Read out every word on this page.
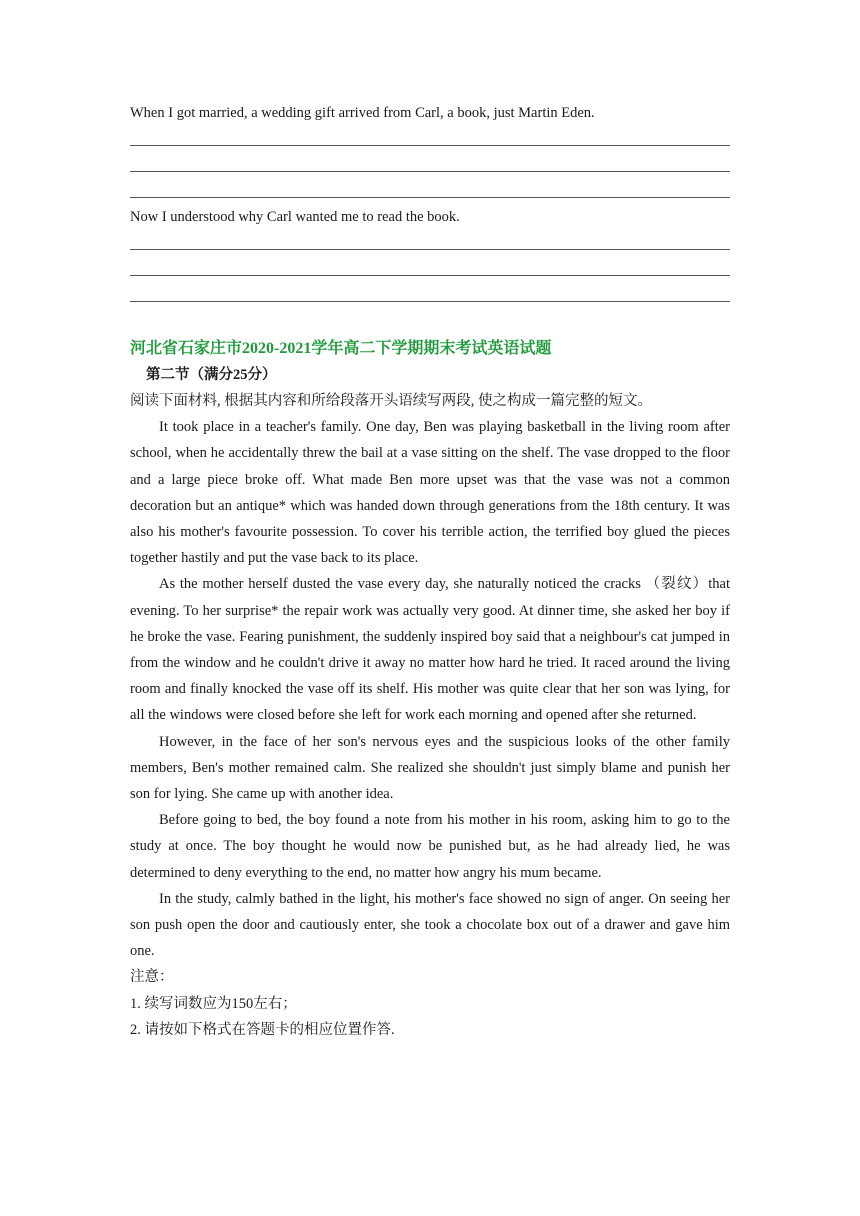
When I got married, a wedding gift arrived from Carl, a book, just Martin Eden.
Now I understood why Carl wanted me to read the book.
河北省石家庄市2020-2021学年高二下学期期末考试英语试题
第二节（满分25分）

阅读下面材料, 根据其内容和所给段落开头语续写两段, 使之构成一篇完整的短文。

It took place in a teacher's family. One day, Ben was playing basketball in the living room after school, when he accidentally threw the bail at a vase sitting on the shelf. The vase dropped to the floor and a large piece broke off. What made Ben more upset was that the vase was not a common decoration but an antique* which was handed down through generations from the 18th century. It was also his mother's favourite possession. To cover his terrible action, the terrified boy glued the pieces together hastily and put the vase back to its place.

As the mother herself dusted the vase every day, she naturally noticed the cracks （裂纹）that evening. To her surprise* the repair work was actually very good. At dinner time, she asked her boy if he broke the vase. Fearing punishment, the suddenly inspired boy said that a neighbour's cat jumped in from the window and he couldn't drive it away no matter how hard he tried. It raced around the living room and finally knocked the vase off its shelf. His mother was quite clear that her son was lying, for all the windows were closed before she left for work each morning and opened after she returned.

However, in the face of her son's nervous eyes and the suspicious looks of the other family members, Ben's mother remained calm. She realized she shouldn't just simply blame and punish her son for lying. She came up with another idea.

Before going to bed, the boy found a note from his mother in his room, asking him to go to the study at once. The boy thought he would now be punished but, as he had already lied, he was determined to deny everything to the end, no matter how angry his mum became.

In the study, calmly bathed in the light, his mother's face showed no sign of anger. On seeing her son push open the door and cautiously enter, she took a chocolate box out of a drawer and gave him one.

注意：

1. 续写词数应为150左右；

2. 请按如下格式在答题卡的相应位置作答.
